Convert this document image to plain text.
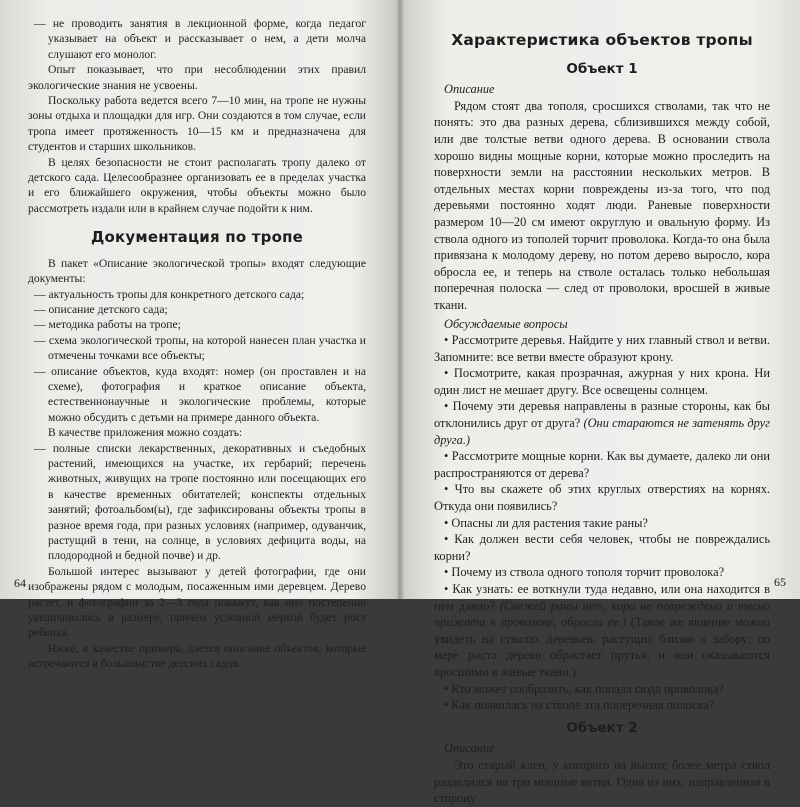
— не проводить занятия в лекционной форме, когда педагог указывает на объект и рассказывает о нем, а дети молча слушают его монолог.

Опыт показывает, что при несоблюдении этих правил экологические знания не усвоены.

Поскольку работа ведется всего 7—10 мин, на тропе не нужны зоны отдыха и площадки для игр. Они создаются в том случае, если тропа имеет протяженность 10—15 км и предназначена для студентов и старших школьников.

В целях безопасности не стоит располагать тропу далеко от детского сада. Целесообразнее организовать ее в пределах участка и его ближайшего окружения, чтобы объекты можно было рассмотреть издали или в крайнем случае подойти к ним.

Документация по тропе

В пакет «Описание экологической тропы» входят следующие документы:

— актуальность тропы для конкретного детского сада;

— описание детского сада;

— методика работы на тропе;

— схема экологической тропы, на которой нанесен план участка и отмечены точками все объекты;

— описание объектов, куда входят: номер (он проставлен и на схеме), фотография и краткое описание объекта, естественнонаучные и экологические проблемы, которые можно обсудить с детьми на примере данного объекта.

В качестве приложения можно создать:

— полные списки лекарственных, декоративных и съедобных растений, имеющихся на участке, их гербарий; перечень животных, живущих на тропе постоянно или посещающих его в качестве временных обитателей; конспекты отдельных занятий; фотоальбом(ы), где зафиксированы объекты тропы в разное время года, при разных условиях (например, одуванчик, растущий в тени, на солнце, в условиях дефицита воды, на плодородной и бедной почве) и др.

Большой интерес вызывают у детей фотографии, где они изображены рядом с молодым, посаженным ими деревцем. Дерево растет, и фотографии за 2—3 года покажут, как оно постепенно увеличивалось в размере, причем условной меркой будет рост ребенка.

Ниже, в качестве примера, дается описание объектов, которые встречаются в большинстве детских садов.

64
Характеристика объектов тропы
Объект 1

Описание

Рядом стоят два тополя, сросшихся стволами, так что не понять: это два разных дерева, сблизившихся между собой, или две толстые ветви одного дерева. В основании ствола хорошо видны мощные корни, которые можно проследить на поверхности земли на расстоянии нескольких метров. В отдельных местах корни повреждены из-за того, что под деревьями постоянно ходят люди. Раневые поверхности размером 10—20 см имеют округлую и овальную форму. Из ствола одного из тополей торчит проволока. Когда-то она была привязана к молодому дереву, но потом дерево выросло, кора обросла ее, и теперь на стволе осталась только небольшая поперечная полоска — след от проволоки, вросшей в живые ткани.

Обсуждаемые вопросы

• Рассмотрите деревья. Найдите у них главный ствол и ветви. Запомните: все ветви вместе образуют крону.

• Посмотрите, какая прозрачная, ажурная у них крона. Ни один лист не мешает другу. Все освещены солнцем.

• Почему эти деревья направлены в разные стороны, как бы отклонились друг от друга? (Они стараются не затенять друг друга.)

• Рассмотрите мощные корни. Как вы думаете, далеко ли они распространяются от дерева?

• Что вы скажете об этих круглых отверстиях на корнях. Откуда они появились?

• Опасны ли для растения такие раны?

• Как должен вести себя человек, чтобы не повреждались корни?

• Почему из ствола одного тополя торчит проволока?

• Как узнать: ее воткнули туда недавно, или она находится в нем давно? (Свежей раны нет, кора не повреждена и тесно прижата к проволоке, обросла ее.) (Такое же явление можно увидеть на стволах деревьев, растущих близко к забору; по мере роста дерево обрастает прутья, и они оказываются вросшими в живые ткани.)

• Кто может сообразить, как попала сюда проволока?

• Как появилась на стволе эта поперечная полоска?

Объект 2

Описание

Это старый клен, у которого на высоте более метра ствол разделился на три мощные ветви. Одна из них, направленная в сторону

65
